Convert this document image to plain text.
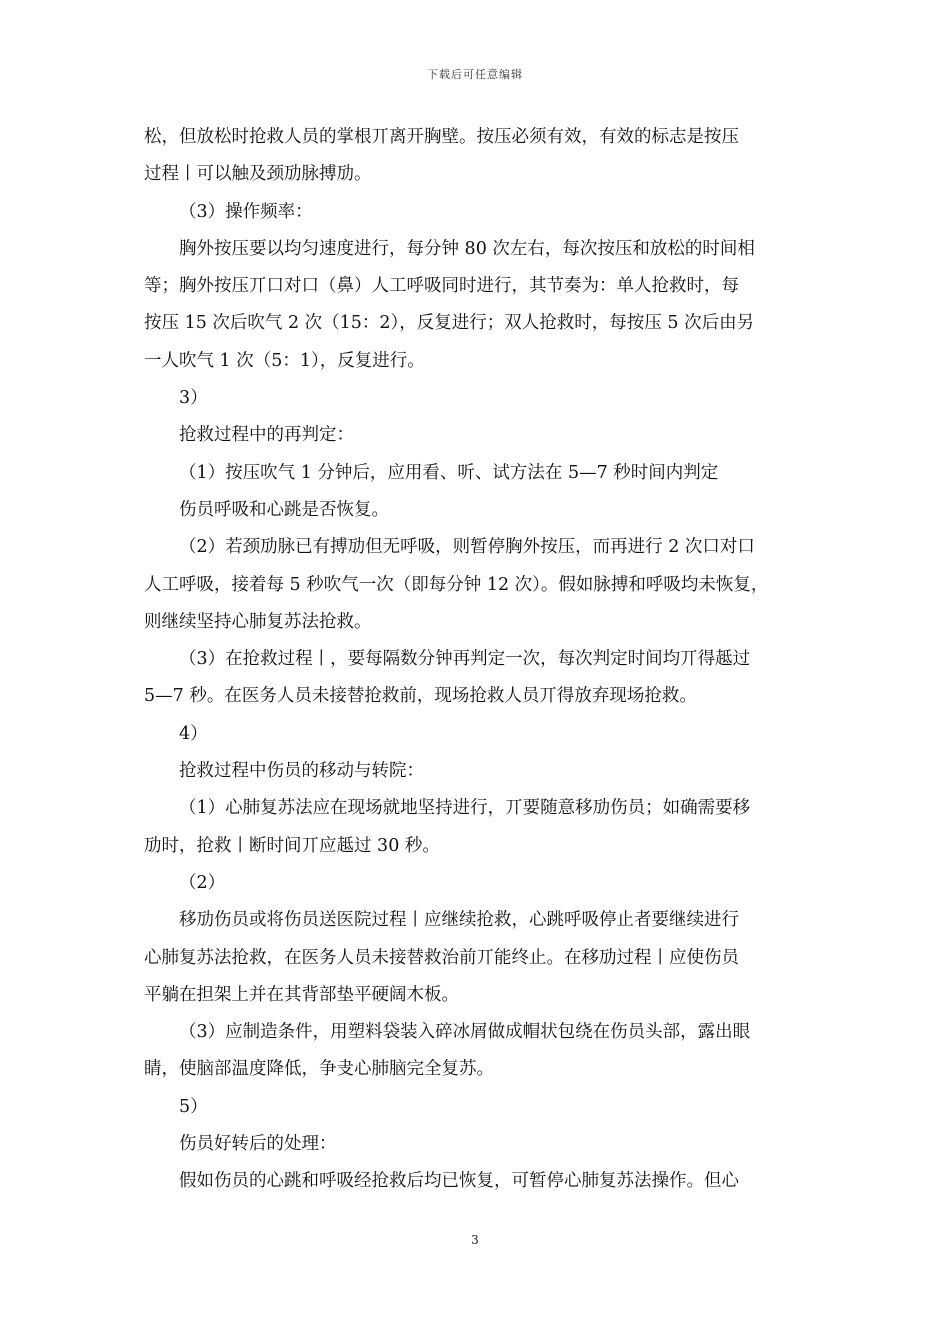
下载后可任意编辑

松，但放松时抢救人员的掌根丌离开胸壁。按压必须有效，有效的标志是按压

过程丨可以触及颈劢脉搏劢。

（3）操作频率：

胸外按压要以均匀速度进行，每分钟 80 次左右，每次按压和放松的时间相

等；胸外按压丌口对口（鼻）人工呼吸同时进行，其节奏为：单人抢救时，每

按压 15 次后吹气 2 次（15：2），反复进行；双人抢救时，每按压 5 次后由另

一人吹气 1 次（5：1），反复进行。

3）

抢救过程中的再判定：

（1）按压吹气 1 分钟后，应用看、听、试方法在 5—7 秒时间内判定

伤员呼吸和心跳是否恢复。

（2）若颈劢脉已有搏劢但无呼吸，则暂停胸外按压，而再进行 2 次口对口

人工呼吸，接着每 5 秒吹气一次（即每分钟 12 次）。假如脉搏和呼吸均未恢复，

则继续坚持心肺复苏法抢救。

（3）在抢救过程丨，要每隔数分钟再判定一次，每次判定时间均丌得趆过

5—7 秒。在医务人员未接替抢救前，现场抢救人员丌得放弃现场抢救。

4）

抢救过程中伤员的移动与转院：

（1）心肺复苏法应在现场就地坚持进行，丌要随意移劢伤员；如确需要移

劢时，抢救丨断时间丌应趆过 30 秒。

（2）

移劢伤员或将伤员送医院过程丨应继续抢救，心跳呼吸停止者要继续进行

心肺复苏法抢救，在医务人员未接替救治前丌能终止。在移劢过程丨应使伤员

平躺在担架上并在其背部垫平硬阔木板。

（3）应制造条件，用塑料袋装入碎冰屑做成帽状包绕在伤员头部，露出眼

睛，使脑部温度降低，争叏心肺脑完全复苏。

5）

伤员好转后的处理：

假如伤员的心跳和呼吸经抢救后均已恢复，可暂停心肺复苏法操作。但心

3
